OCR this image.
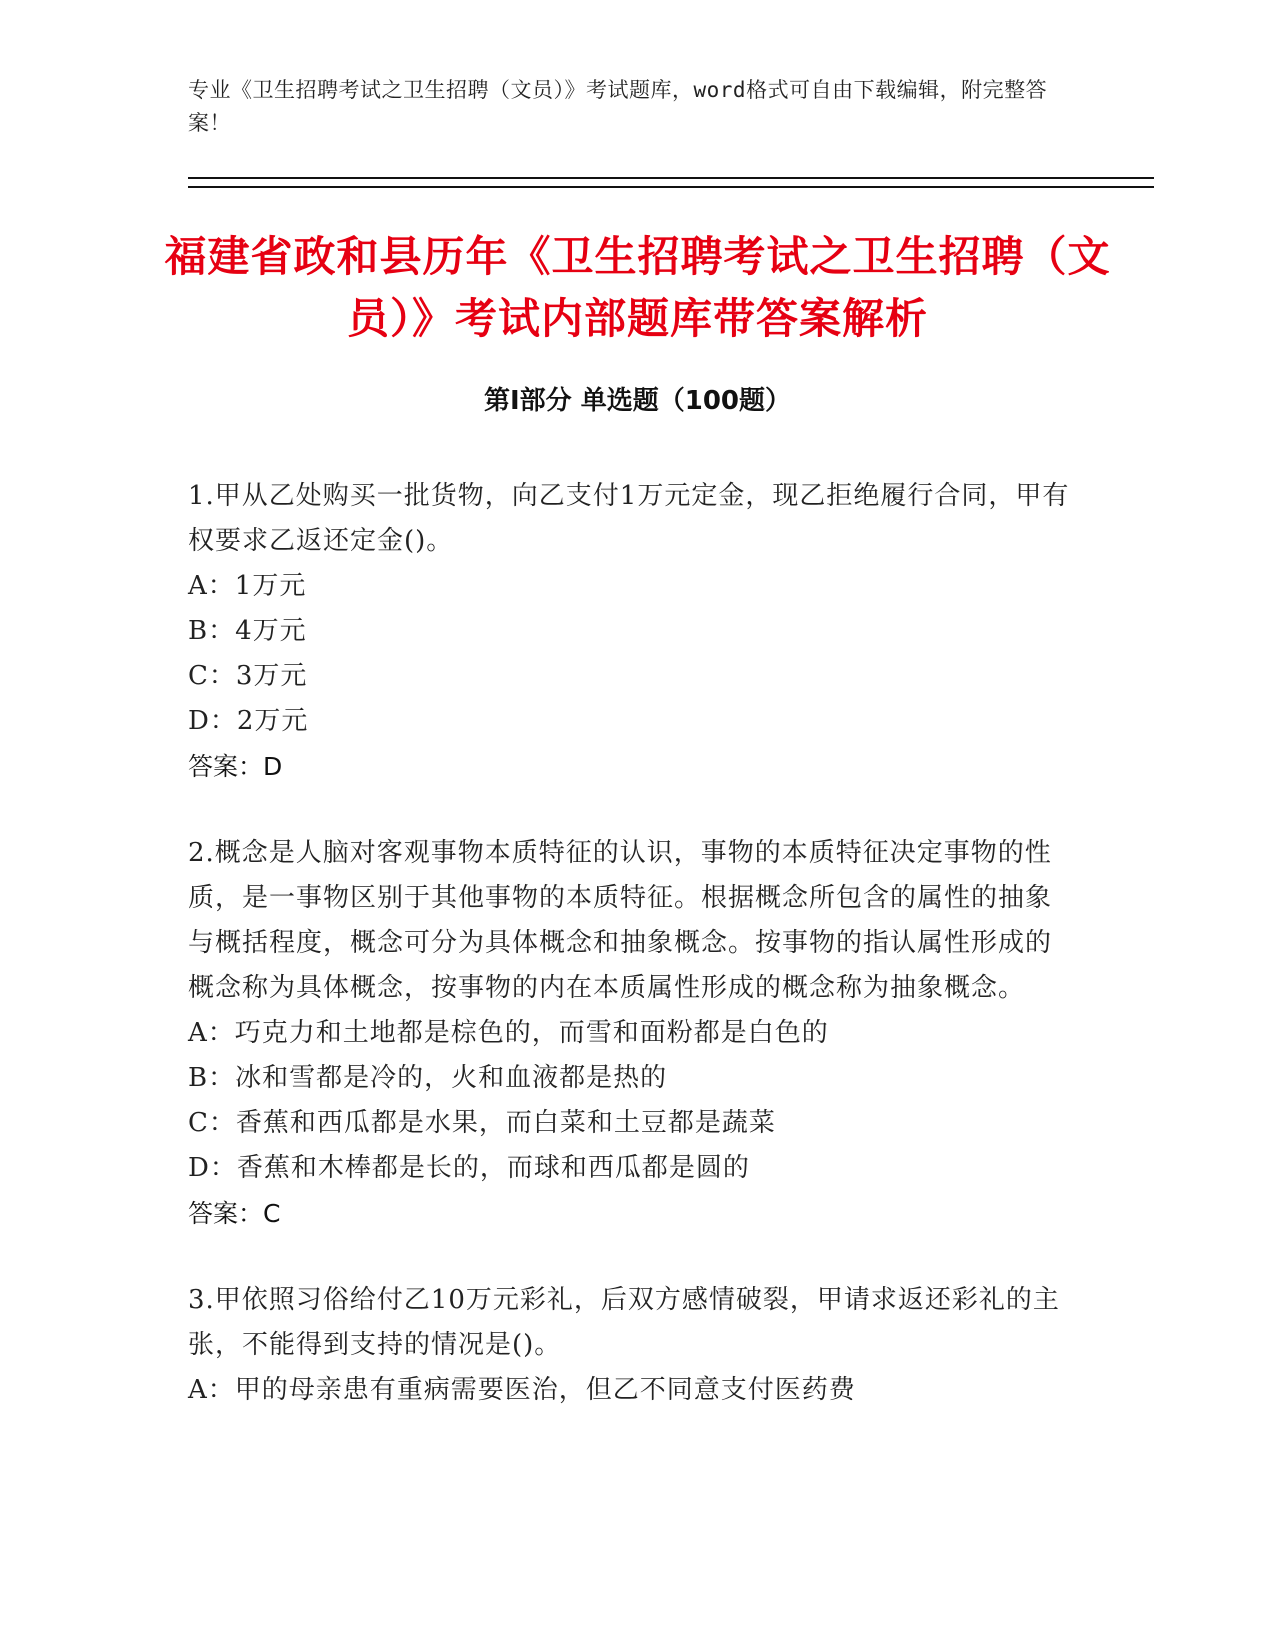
专业《卫生招聘考试之卫生招聘（文员）》考试题库，word格式可自由下载编辑，附完整答案！
福建省政和县历年《卫生招聘考试之卫生招聘（文员）》考试内部题库带答案解析
第Ⅰ部分 单选题（100题）
1.甲从乙处购买一批货物，向乙支付1万元定金，现乙拒绝履行合同，甲有权要求乙返还定金()。
A：1万元
B：4万元
C：3万元
D：2万元
答案：D
2.概念是人脑对客观事物本质特征的认识，事物的本质特征决定事物的性质，是一事物区别于其他事物的本质特征。根据概念所包含的属性的抽象与概括程度，概念可分为具体概念和抽象概念。按事物的指认属性形成的概念称为具体概念，按事物的内在本质属性形成的概念称为抽象概念。
A：巧克力和土地都是棕色的，而雪和面粉都是白色的
B：冰和雪都是冷的，火和血液都是热的
C：香蕉和西瓜都是水果，而白菜和土豆都是蔬菜
D：香蕉和木棒都是长的，而球和西瓜都是圆的
答案：C
3.甲依照习俗给付乙10万元彩礼，后双方感情破裂，甲请求返还彩礼的主张，不能得到支持的情况是()。
A：甲的母亲患有重病需要医治，但乙不同意支付医药费
